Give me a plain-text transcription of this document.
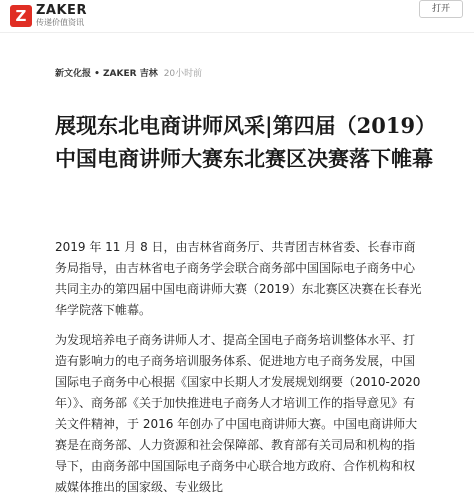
Z ZAKER
传递价值资讯
打开
新文化报 • ZAKER 吉林 20小时前
展现东北电商讲师风采|第四届（2019）中国电商讲师大赛东北赛区决赛落下帷幕

2019 年 11 月 8 日，由吉林省商务厅、共青团吉林省委、长春市商务局指导，由吉林省电子商务学会联合商务部中国国际电子商务中心共同主办的第四届中国电商讲师大赛（2019）东北赛区决赛在长春光华学院落下帷幕。

为发现培养电子商务讲师人才、提高全国电子商务培训整体水平、打造有影响力的电子商务培训服务体系、促进地方电子商务发展，中国国际电子商务中心根据《国家中长期人才发展规划纲要（2010-2020 年）》、商务部《关于加快推进电子商务人才培训工作的指导意见》有关文件精神，于 2016 年创办了中国电商讲师大赛。中国电商讲师大赛是在商务部、人力资源和社会保障部、教育部有关司局和机构的指导下，由商务部中国国际电子商务中心联合地方政府、合作机构和权威媒体推出的国家级、专业级比
